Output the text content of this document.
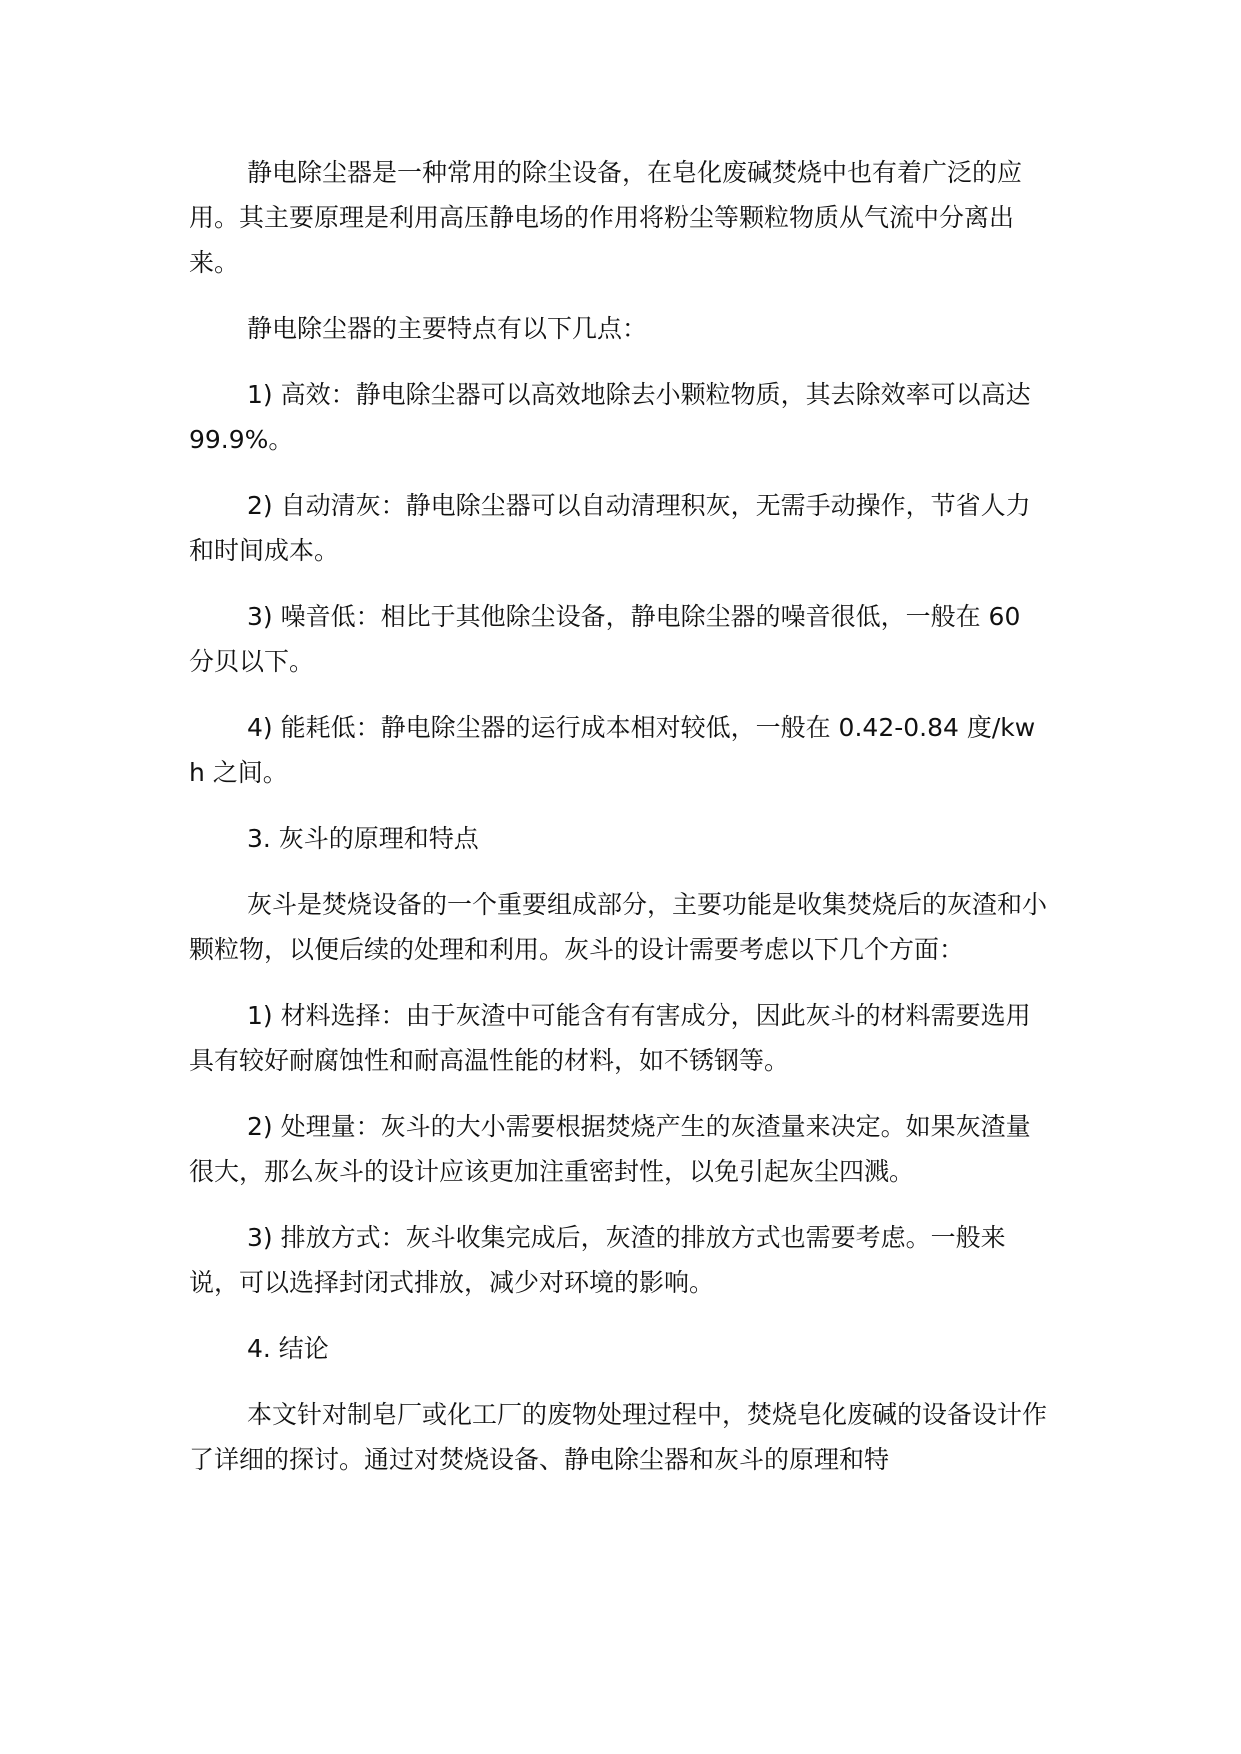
静电除尘器是一种常用的除尘设备，在皂化废碱焚烧中也有着广泛的应用。其主要原理是利用高压静电场的作用将粉尘等颗粒物质从气流中分离出来。

静电除尘器的主要特点有以下几点：

1) 高效：静电除尘器可以高效地除去小颗粒物质，其去除效率可以高达 99.9%。

2) 自动清灰：静电除尘器可以自动清理积灰，无需手动操作，节省人力和时间成本。

3) 噪音低：相比于其他除尘设备，静电除尘器的噪音很低，一般在 60 分贝以下。

4) 能耗低：静电除尘器的运行成本相对较低，一般在 0.42-0.84 度/kwh 之间。

3. 灰斗的原理和特点

灰斗是焚烧设备的一个重要组成部分，主要功能是收集焚烧后的灰渣和小颗粒物，以便后续的处理和利用。灰斗的设计需要考虑以下几个方面：

1) 材料选择：由于灰渣中可能含有有害成分，因此灰斗的材料需要选用具有较好耐腐蚀性和耐高温性能的材料，如不锈钢等。

2) 处理量：灰斗的大小需要根据焚烧产生的灰渣量来决定。如果灰渣量很大，那么灰斗的设计应该更加注重密封性，以免引起灰尘四溅。

3) 排放方式：灰斗收集完成后，灰渣的排放方式也需要考虑。一般来说，可以选择封闭式排放，减少对环境的影响。

4. 结论

本文针对制皂厂或化工厂的废物处理过程中，焚烧皂化废碱的设备设计作了详细的探讨。通过对焚烧设备、静电除尘器和灰斗的原理和特
